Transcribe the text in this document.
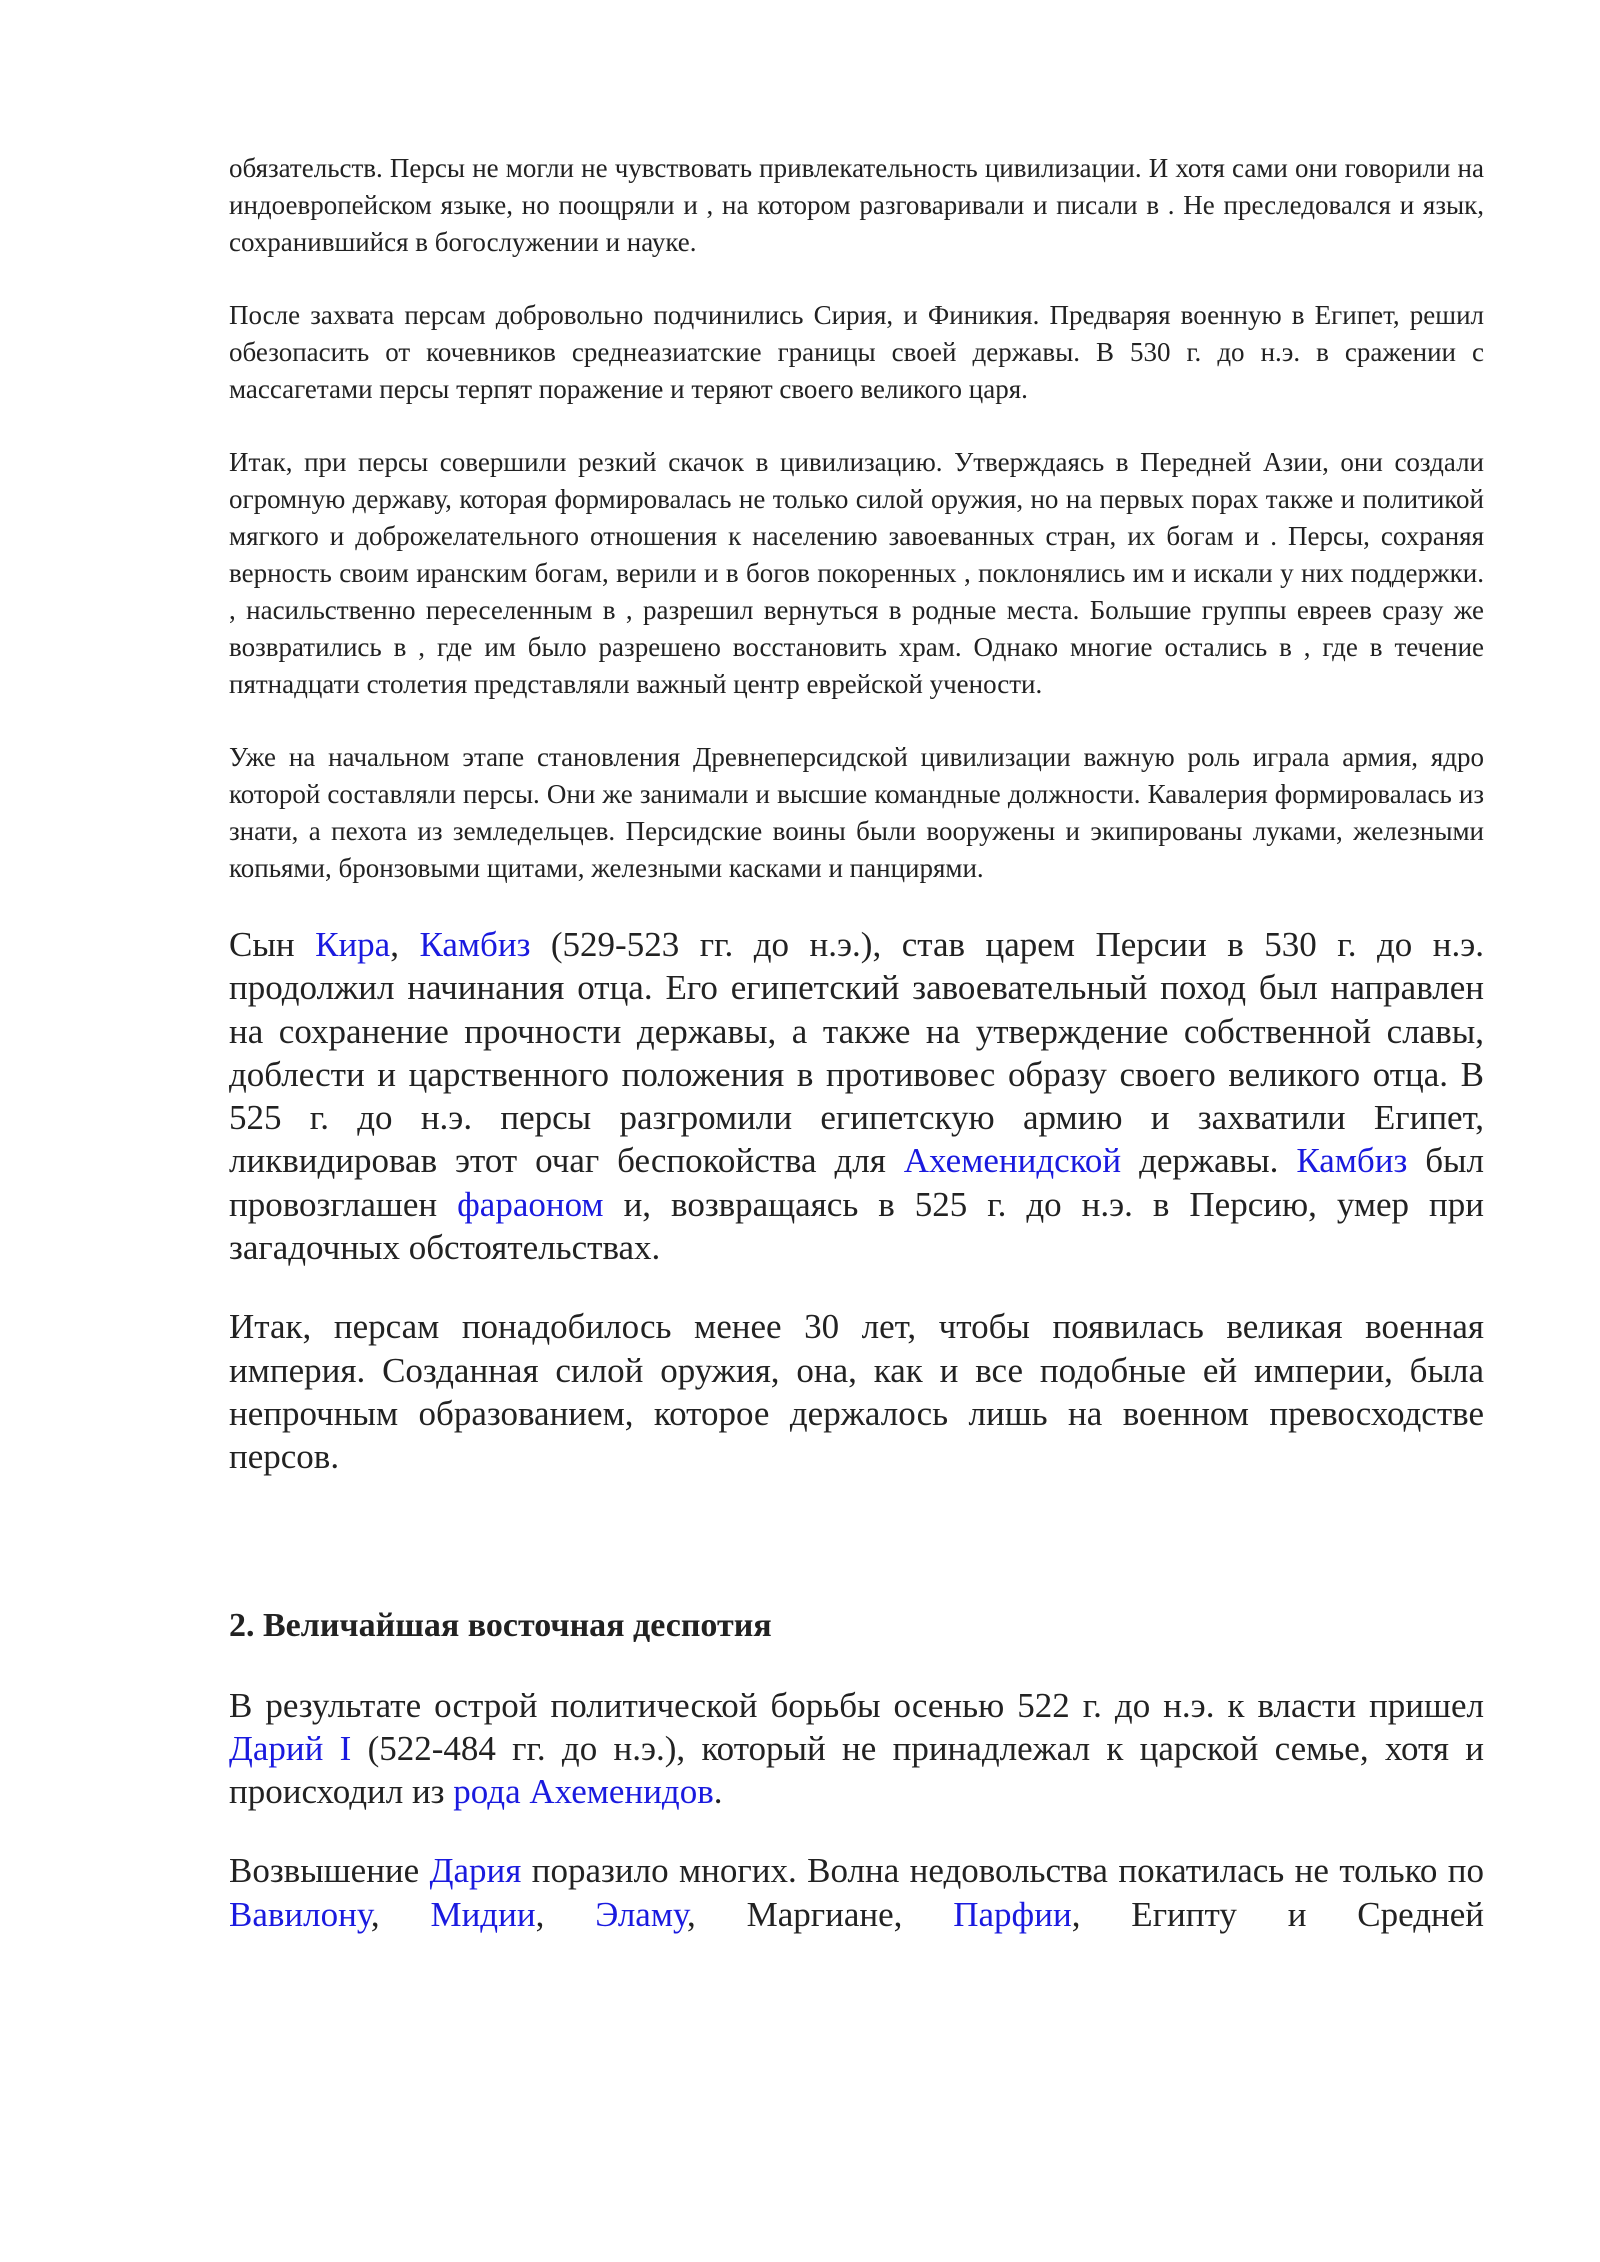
обязательств. Персы не могли не чувствовать привлекательность цивилизации. И хотя сами они говорили на индоевропейском языке, но поощряли и , на котором разговаривали и писали в . Не преследовался и язык, сохранившийся в богослужении и науке.

После захвата персам добровольно подчинились Сирия, и Финикия. Предваряя военную в Египет, решил обезопасить от кочевников среднеазиатские границы своей державы. В 530 г. до н.э. в сражении с массагетами персы терпят поражение и теряют своего великого царя.

Итак, при персы совершили резкий скачок в цивилизацию. Утверждаясь в Передней Азии, они создали огромную державу, которая формировалась не только силой оружия, но на первых порах также и политикой мягкого и доброжелательного отношения к населению завоеванных стран, их богам и . Персы, сохраняя верность своим иранским богам, верили и в богов покоренных , поклонялись им и искали у них поддержки. , насильственно переселенным в , разрешил вернуться в родные места. Большие группы евреев сразу же возвратились в , где им было разрешено восстановить храм. Однако многие остались в , где в течение пятнадцати столетия представляли важный центр еврейской учености.

Уже на начальном этапе становления Древнеперсидской цивилизации важную роль играла армия, ядро которой составляли персы. Они же занимали и высшие командные должности. Кавалерия формировалась из знати, а пехота из земледельцев. Персидские воины были вооружены и экипированы луками, железными копьями, бронзовыми щитами, железными касками и панцирями.

Сын Кира, Камбиз (529-523 гг. до н.э.), став царем Персии в 530 г. до н.э. продолжил начинания отца. Его египетский завоевательный поход был направлен на сохранение прочности державы, а также на утверждение собственной славы, доблести и царственного положения в противовес образу своего великого отца. В 525 г. до н.э. персы разгромили египетскую армию и захватили Египет, ликвидировав этот очаг беспокойства для Ахеменидской державы. Камбиз был провозглашен фараоном и, возвращаясь в 525 г. до н.э. в Персию, умер при загадочных обстоятельствах.

Итак, персам понадобилось менее 30 лет, чтобы появилась великая военная империя. Созданная силой оружия, она, как и все подобные ей империи, была непрочным образованием, которое держалось лишь на военном превосходстве персов.

2. Величайшая восточная деспотия

В результате острой политической борьбы осенью 522 г. до н.э. к власти пришел Дарий I (522-484 гг. до н.э.), который не принадлежал к царской семье, хотя и происходил из рода Ахеменидов.

Возвышение Дария поразило многих. Волна недовольства покатилась не только по Вавилону, Мидии, Эламу, Маргиане, Парфии, Египту и Средней
